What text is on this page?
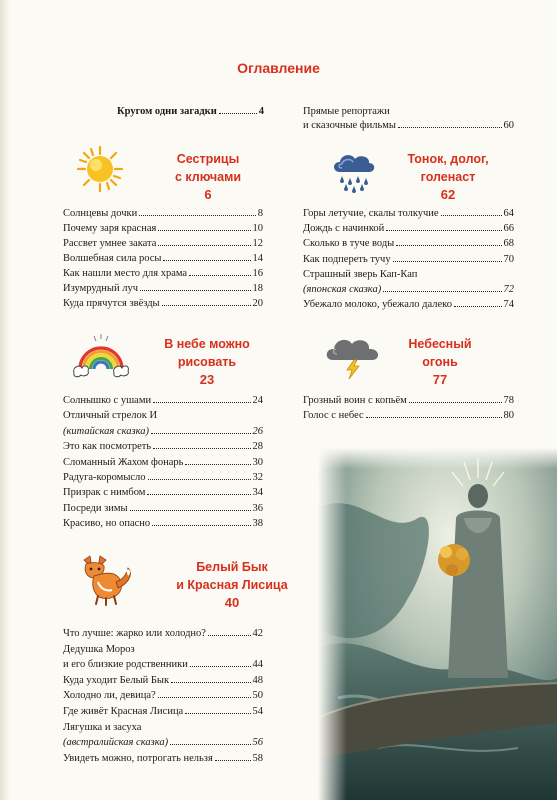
Оглавление
Кругом одни загадки	4	Прямые репортажи
и сказочные фильмы	60
Сестрицы
с ключами
6
Солнцевы дочки	8
Почему заря красная	10
Рассвет умнее заката	12
Волшебная сила росы	14
Как нашли место для храма	16
Изумрудный луч	18
Куда прячутся звёзды	20
Тонок, долог,
голенаст
62
Горы летучие, скалы толкучие	64
Дождь с начинкой	66
Сколько в туче воды	68
Как подпереть тучу	70
Страшный зверь Кап-Кап
(японская сказка)	72
Убежало молоко, убежало далеко	74
В небе можно
рисовать
23
Солнышко с ушами	24
Отличный стрелок И
(китайская сказка)	26
Это как посмотреть	28
Сломанный Жахом фонарь	30
Радуга-коромысло	32
Призрак с нимбом	34
Посреди зимы	36
Красиво, но опасно	38
Небесный
огонь
77
Грозный воин с копьём	78
Голос с небес	80
Белый Бык
и Красная Лисица
40
Что лучше: жарко или холодно?	42
Дедушка Мороз
и его близкие родственники	44
Куда уходит Белый Бык	48
Холодно ли, девица?	50
Где живёт Красная Лисица	54
Лягушка и засуха
(австралийская сказка)	56
Увидеть можно, потрогать нельзя	58
